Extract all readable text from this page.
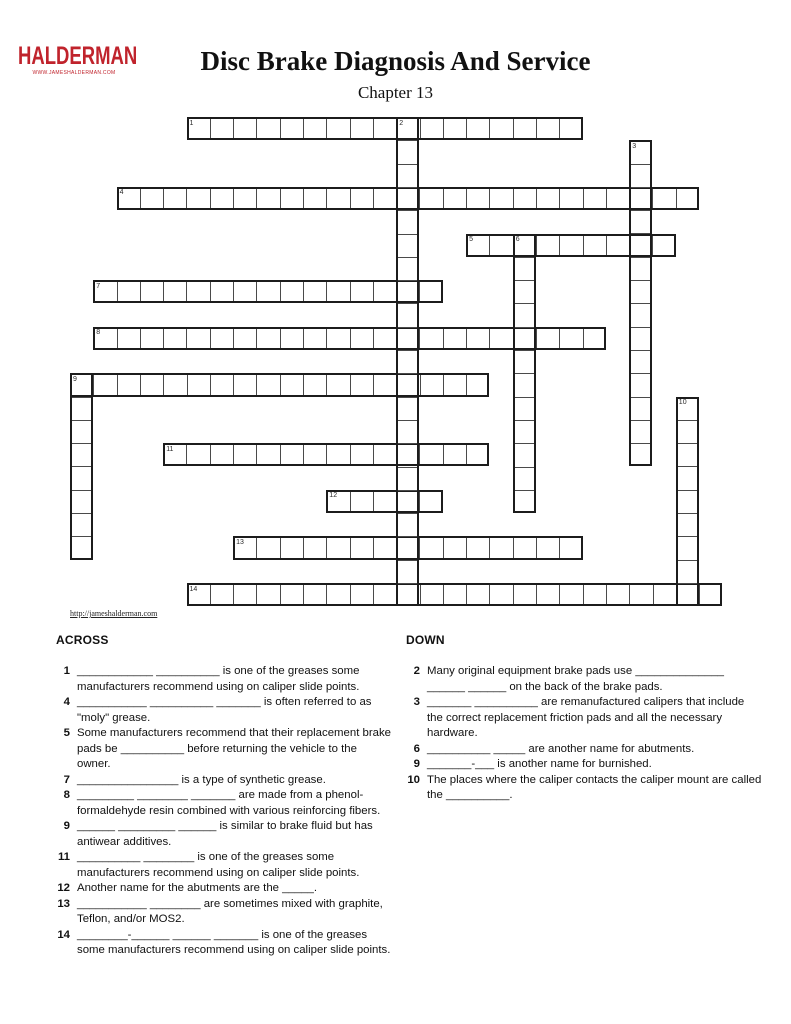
HALDERMAN
WWW.JAMESHALDERMAN.COM	Disc Brake Diagnosis And Service
Chapter 13
1	2
3
4
5	6
7
8
9
10
11
12
13
14
http://jameshalderman.com
ACROSS
1 ____________ __________ is one of the greases some manufacturers recommend using on caliper slide points.
4 ___________ __________ _______ is often referred to as "moly" grease.
5 Some manufacturers recommend that their replacement brake pads be __________ before returning the vehicle to the owner.
7 ________________ is a type of synthetic grease.
8 _________ ________ _______ are made from a phenol-formaldehyde resin combined with various reinforcing fibers.
9 ______ _________ ______ is similar to brake fluid but has antiwear additives.
11 __________ ________ is one of the greases some manufacturers recommend using on caliper slide points.
12 Another name for the abutments are the _____.
13 ___________ ________ are sometimes mixed with graphite, Teflon, and/or MOS2.
14 ________-______ ______ _______ is one of the greases some manufacturers recommend using on caliper slide points.
DOWN
2 Many original equipment brake pads use ______________ ______ ______ on the back of the brake pads.
3 _______ __________ are remanufactured calipers that include the correct replacement friction pads and all the necessary hardware.
6 __________ _____ are another name for abutments.
9 _______-___ is another name for burnished.
10 The places where the caliper contacts the caliper mount are called the __________.
